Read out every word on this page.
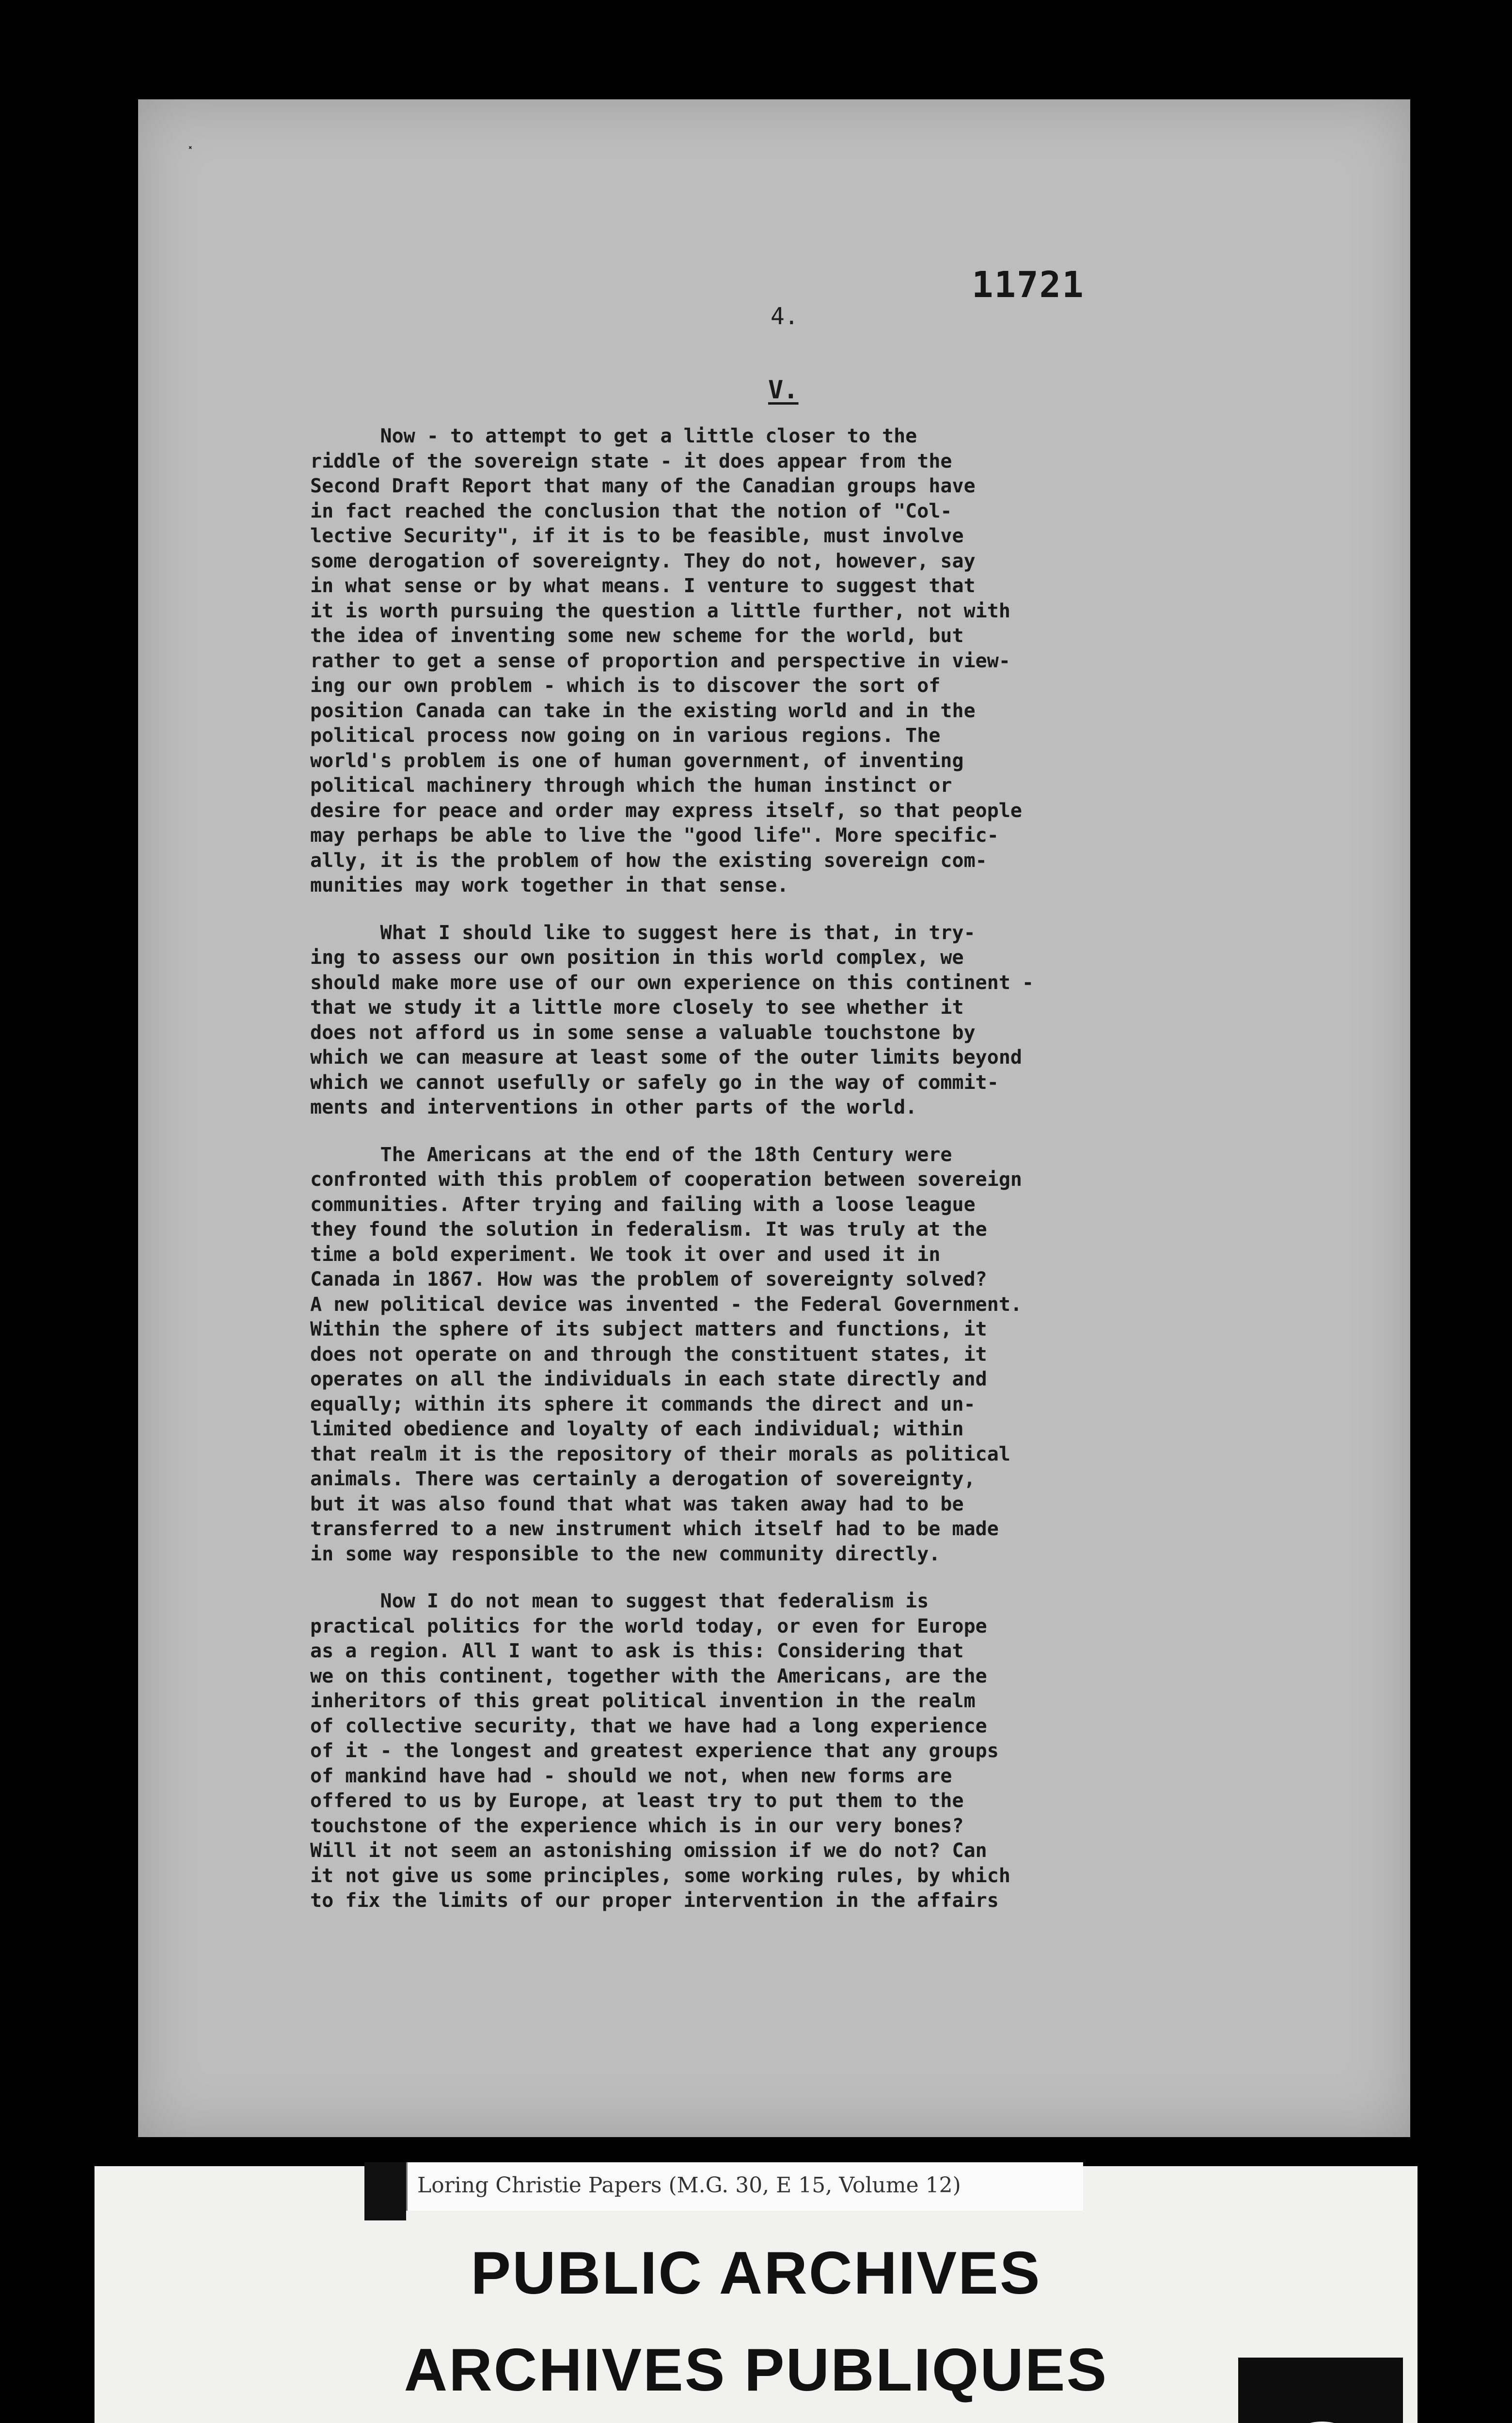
⸼
11721
4.
V.
Now - to attempt to get a little closer to the
riddle of the sovereign state - it does appear from the
Second Draft Report that many of the Canadian groups have
in fact reached the conclusion that the notion of "Col-
lective Security", if it is to be feasible, must involve
some derogation of sovereignty. They do not, however, say
in what sense or by what means. I venture to suggest that
it is worth pursuing the question a little further, not with
the idea of inventing some new scheme for the world, but
rather to get a sense of proportion and perspective in view-
ing our own problem - which is to discover the sort of
position Canada can take in the existing world and in the
political process now going on in various regions. The
world's problem is one of human government, of inventing
political machinery through which the human instinct or
desire for peace and order may express itself, so that people
may perhaps be able to live the "good life". More specific-
ally, it is the problem of how the existing sovereign com-
munities may work together in that sense.
What I should like to suggest here is that, in try-
ing to assess our own position in this world complex, we
should make more use of our own experience on this continent -
that we study it a little more closely to see whether it
does not afford us in some sense a valuable touchstone by
which we can measure at least some of the outer limits beyond
which we cannot usefully or safely go in the way of commit-
ments and interventions in other parts of the world.
The Americans at the end of the 18th Century were
confronted with this problem of cooperation between sovereign
communities. After trying and failing with a loose league
they found the solution in federalism. It was truly at the
time a bold experiment. We took it over and used it in
Canada in 1867. How was the problem of sovereignty solved?
A new political device was invented - the Federal Government.
Within the sphere of its subject matters and functions, it
does not operate on and through the constituent states, it
operates on all the individuals in each state directly and
equally; within its sphere it commands the direct and un-
limited obedience and loyalty of each individual; within
that realm it is the repository of their morals as political
animals. There was certainly a derogation of sovereignty,
but it was also found that what was taken away had to be
transferred to a new instrument which itself had to be made
in some way responsible to the new community directly.
Now I do not mean to suggest that federalism is
practical politics for the world today, or even for Europe
as a region. All I want to ask is this: Considering that
we on this continent, together with the Americans, are the
inheritors of this great political invention in the realm
of collective security, that we have had a long experience
of it - the longest and greatest experience that any groups
of mankind have had - should we not, when new forms are
offered to us by Europe, at least try to put them to the
touchstone of the experience which is in our very bones?
Will it not seem an astonishing omission if we do not? Can
it not give us some principles, some working rules, by which
to fix the limits of our proper intervention in the affairs
Loring Christie Papers (M.G. 30, E 15, Volume 12)
PUBLIC ARCHIVES
ARCHIVES PUBLIQUES
